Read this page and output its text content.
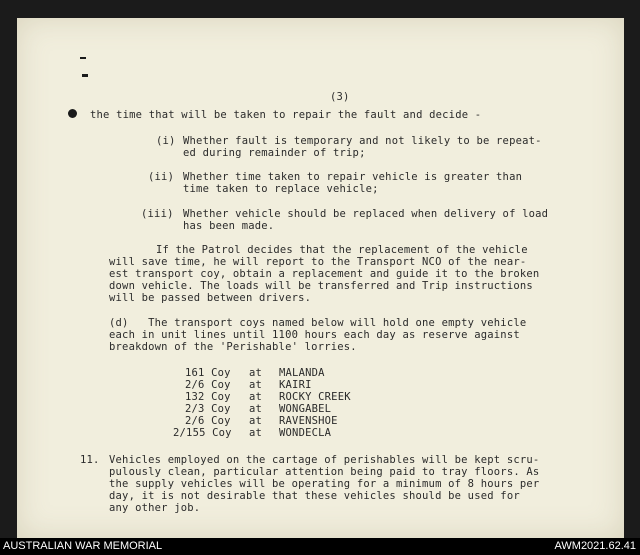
(3)
the time that will be taken to repair the fault and decide -
(i) Whether fault is temporary and not likely to be repeat-
ed during remainder of trip;
(ii) Whether time taken to repair vehicle is greater than
time taken to replace vehicle;
(iii) Whether vehicle should be replaced when delivery of load
has been made.
If the Patrol decides that the replacement of the vehicle
will save time, he will report to the Transport NCO of the near-
est transport coy, obtain a replacement and guide it to the broken
down vehicle. The loads will be transferred and Trip instructions
will be passed between drivers.
(d)   The transport coys named below will hold one empty vehicle
each in unit lines until 1100 hours each day as reserve against
breakdown of the 'Perishable' lorries.
161 Coy at MALANDA
2/6 Coy at KAIRI
132 Coy at ROCKY CREEK
2/3 Coy at WONGABEL
2/6 Coy at RAVENSHOE
2/155 Coy at WONDECLA
11. Vehicles employed on the cartage of perishables will be kept scru-
pulously clean, particular attention being paid to tray floors. As
the supply vehicles will be operating for a minimum of 8 hours per
day, it is not desirable that these vehicles should be used for
any other job.
AUSTRALIAN WAR MEMORIAL	AWM2021.62.41
